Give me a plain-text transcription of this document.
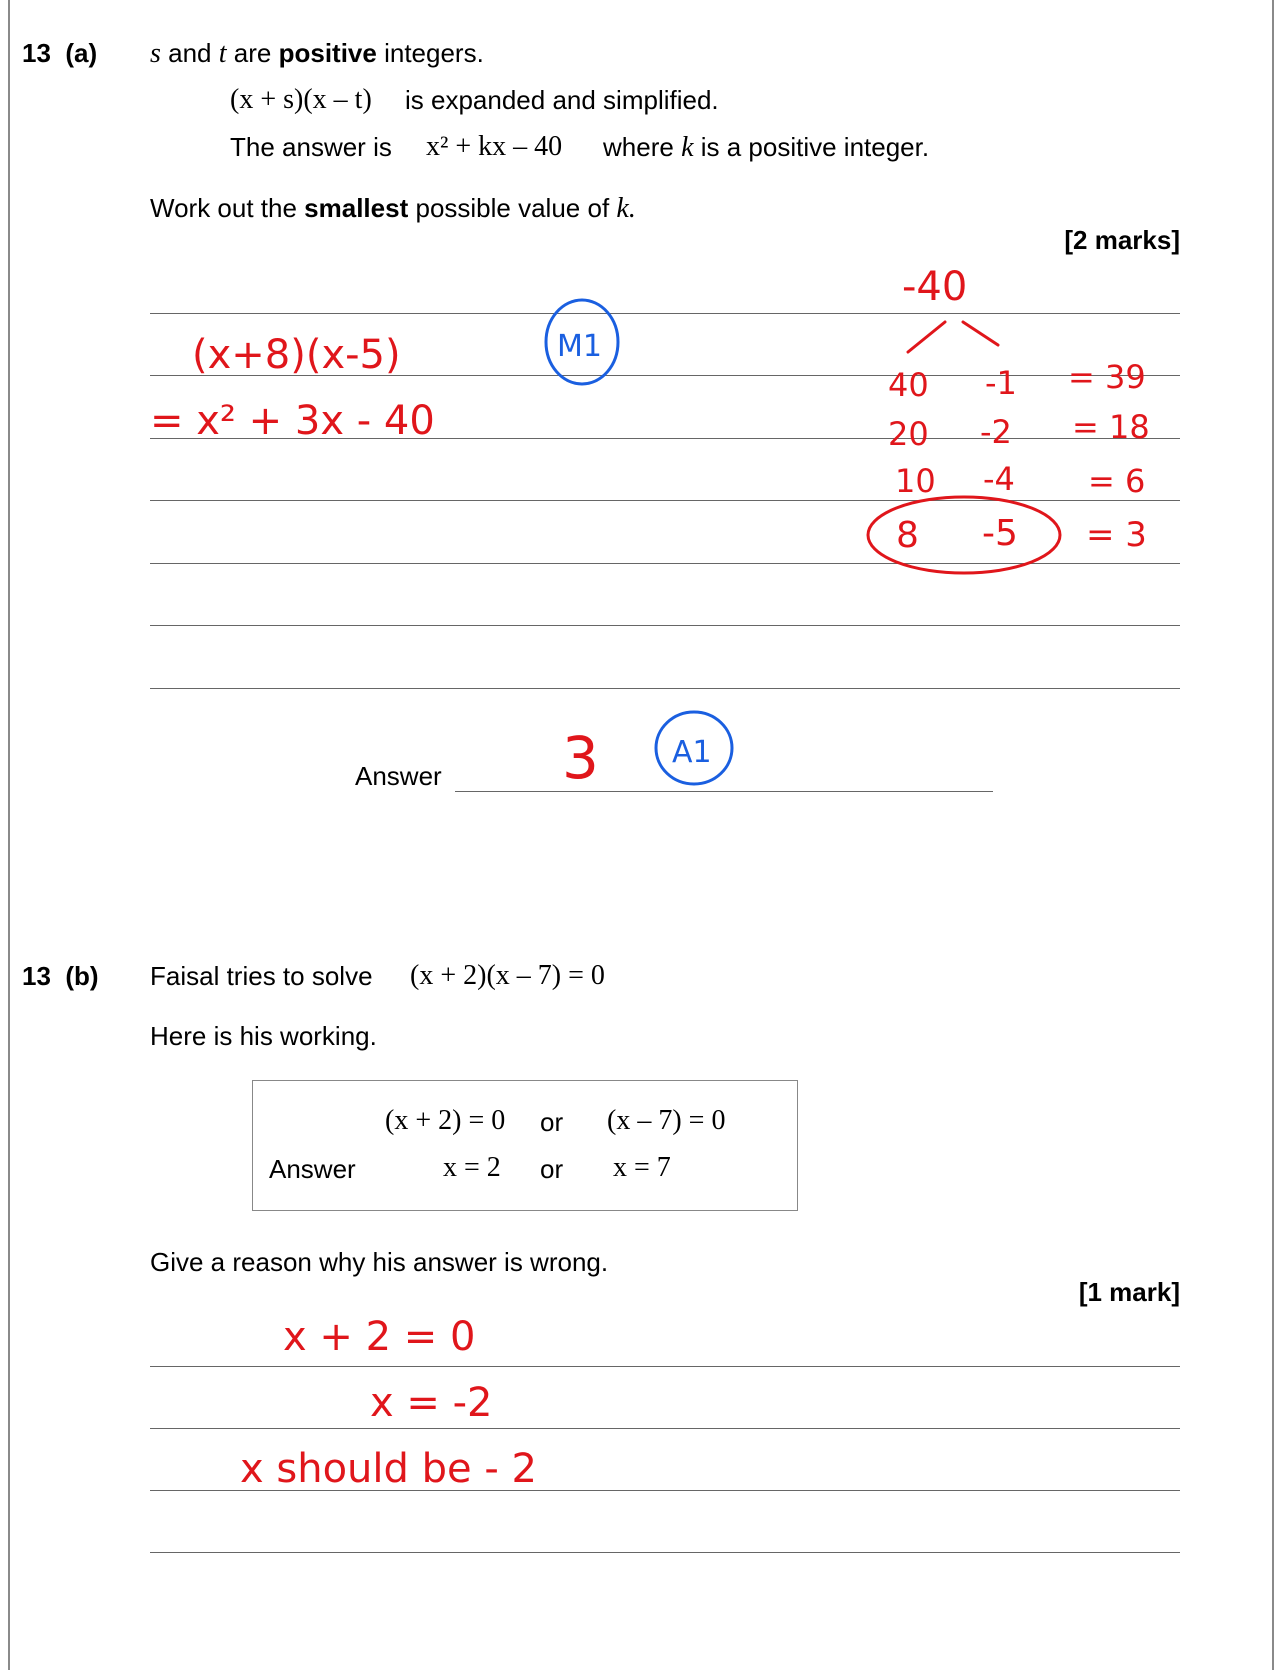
13 (a) s and t are positive integers.
(x + s)(x – t) is expanded and simplified.
The answer is x² + kx – 40 where k is a positive integer.
Work out the smallest possible value of k.
[2 marks]
Answer
13 (b) Faisal tries to solve (x + 2)(x – 7) = 0
Here is his working.
(x + 2) = 0 or (x – 7) = 0
Answer	x = 2 or x = 7
Give a reason why his answer is wrong.
[1 mark]
(x+8)(x-5)	M1
= x² + 3x - 40
-40
40 -1 = 39
20 -2 = 18
10 -4 = 6
8 -5 = 3
3 A1
x + 2 = 0
x = -2
x should be - 2
